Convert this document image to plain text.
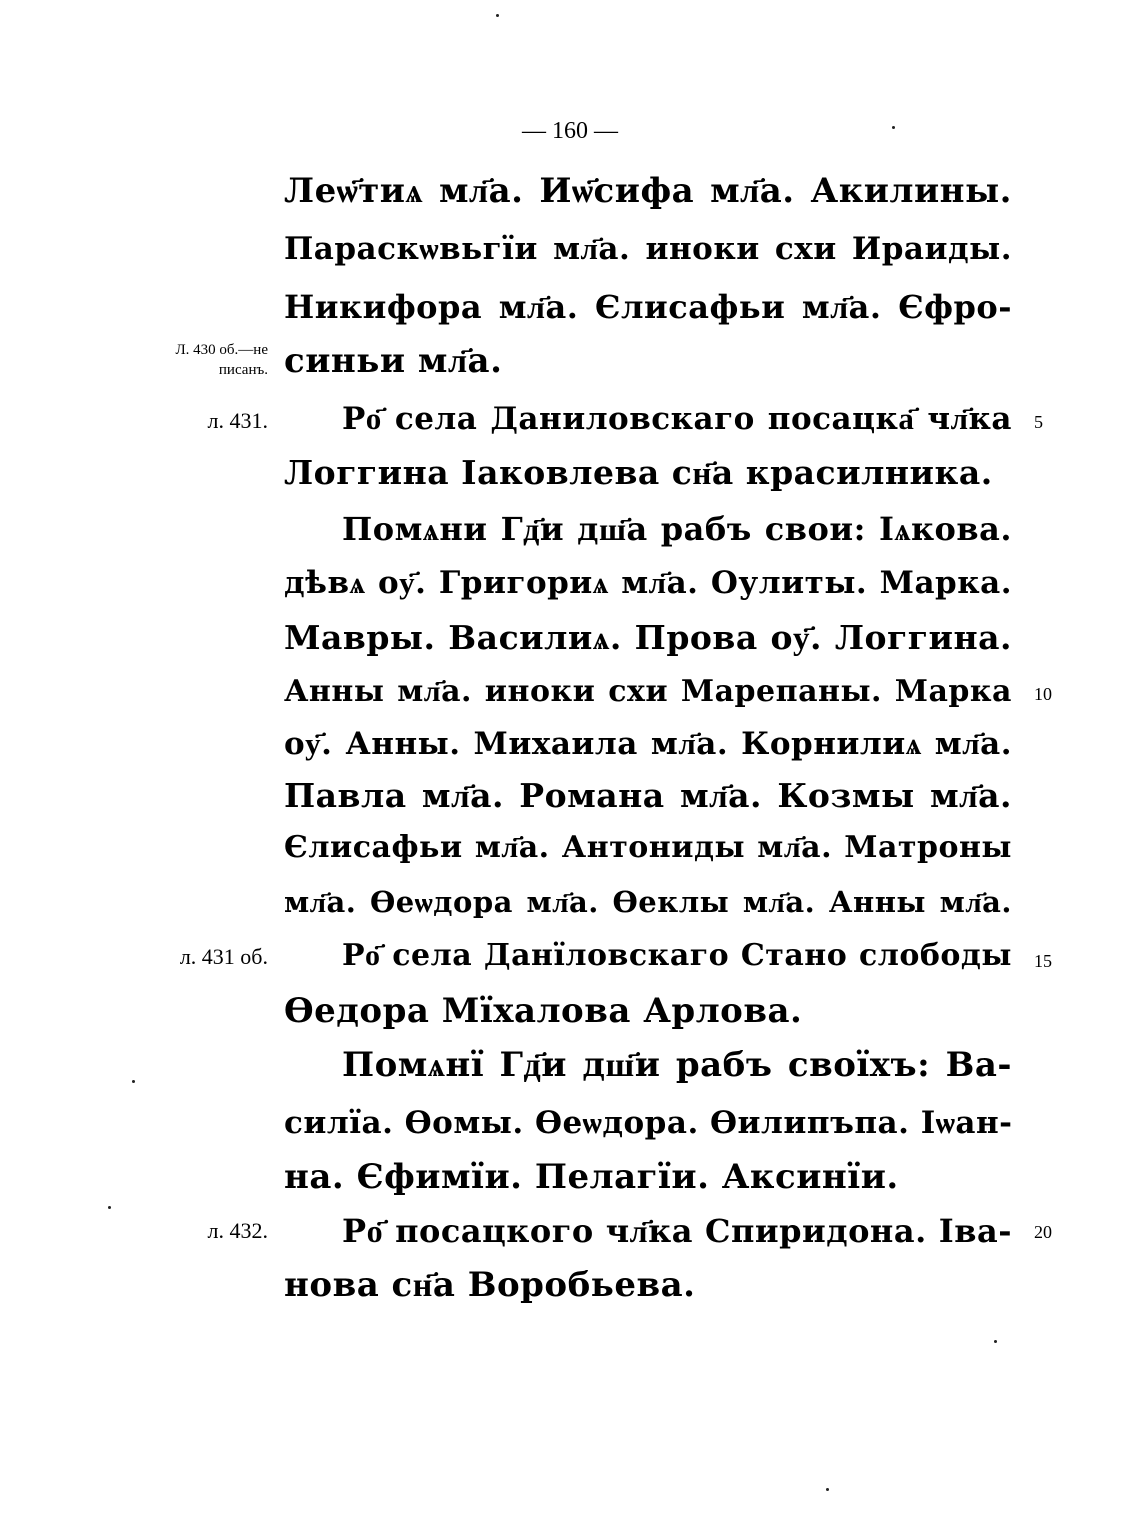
— 160 —
Леѡ҃тиѧ мл҃а. Иѡ҃сифа мл҃а. Акилины.
Параскѡвьгїи мл҃а. иноки схи Ираиды.
Никифора мл҃а. Єлисафьи мл҃а. Єфро-
синьи мл҃а.
Ро҃ села Даниловскаго посацка҃ чл҃ка
Логгина Іаковлева сн҃а красилника.
Помѧни Гд҃и дш҃а рабъ свои: Іѧкова.
дѣвѧ оу҃. Григориѧ мл҃а. Оулиты. Марка.
Мавры. Василиѧ. Прова оу҃. Логгина.
Анны мл҃а. иноки схи Марепаны. Марка
оу҃. Анны. Михаила мл҃а. Корнилиѧ мл҃а.
Павла мл҃а. Романа мл҃а. Козмы мл҃а.
Єлисафьи мл҃а. Антониды мл҃а. Матроны
мл҃а. Ѳеѡдора мл҃а. Ѳеклы мл҃а. Анны мл҃а.
Ро҃ села Данїловскаго Стано слободы
Ѳедора Мїхалова Арлова.
Помѧнї Гд҃и дш҃и рабъ своїхъ: Ва-
силїа. Ѳомы. Ѳеѡдора. Ѳилипъпа. Іѡан-
на. Єфимїи. Пелагїи. Аксинїи.
Ро҃ посацкого чл҃ка Спиридона. Іва-
нова сн҃а Воробьева.
Л. 430 об.—не писанъ.
л. 431.
л. 431 об.
л. 432.
5
10
15
20
